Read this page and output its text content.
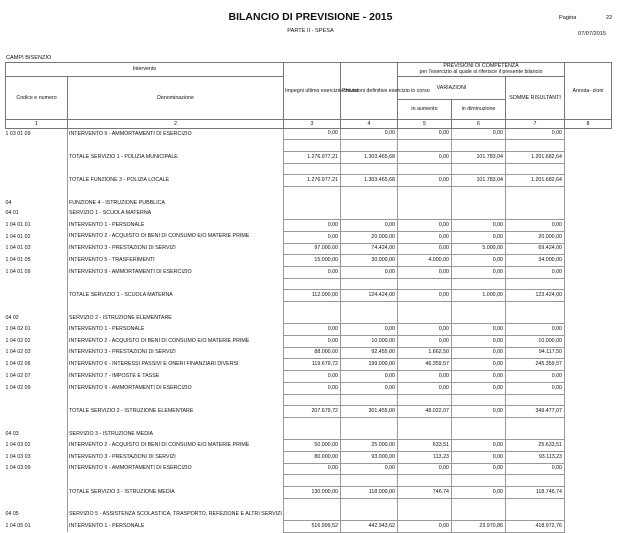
BILANCIO DI PREVISIONE - 2015
PARTE II - SPESA
Pagina	22
07/07/2015
CAMPI BISENZIO
Intervento		Impegni ultimo esercizio chiuso	Previsioni definitive esercizio in corso	PREVISIONI DI COMPETENZA
per l'esercizio al quale si riferisce il presente bilancio			Annota- zioni
Codice e numero	Denominazione			VARIAZIONI		SOMME RISULTANTI	
				in aumento	in diminuzione		
1	2	3	4	5	6	7	8
1 03 01 09	INTERVENTO 9 - AMMORTAMENTI DI ESERCIZIO	0,00	0,00	0,00	0,00	0,00	

	TOTALE SERVIZIO 1 - POLIZIA MUNICIPALE	1.276.977,21	1.303.465,68	0,00	101.783,04	1.201.682,64	

	TOTALE FUNZIONE 3 - POLIZIA LOCALE	1.276.977,21	1.303.465,68	0,00	101.783,04	1.201.682,64	

04	FUNZIONE 4 - ISTRUZIONE PUBBLICA						
04 01	SERVIZIO 1 - SCUOLA MATERNA						
1 04 01 01	INTERVENTO 1 - PERSONALE	0,00	0,00	0,00	0,00	0,00	
1 04 01 02	INTERVENTO 2 - ACQUISTO DI BENI DI CONSUMO E/O MATERIE PRIME	0,00	20.000,00	0,00	0,00	20.000,00	
1 04 01 03	INTERVENTO 3 - PRESTAZIONI DI SERVIZI	97.000,00	74.424,00	0,00	5.000,00	69.424,00	
1 04 01 05	INTERVENTO 5 - TRASFERIMENTI	15.000,00	30.000,00	4.000,00	0,00	34.000,00	
1 04 01 09	INTERVENTO 9 - AMMORTAMENTI DI ESERCIZIO	0,00	0,00	0,00	0,00	0,00	

	TOTALE SERVIZIO 1 - SCUOLA MATERNA	112.000,00	124.424,00	0,00	1.000,00	123.424,00	

04 02	SERVIZIO 2 - ISTRUZIONE ELEMENTARE						
1 04 02 01	INTERVENTO 1 - PERSONALE	0,00	0,00	0,00	0,00	0,00	
1 04 02 02	INTERVENTO 2 - ACQUISTO DI BENI DI CONSUMO E/O MATERIE PRIME	0,00	10.000,00	0,00	0,00	10.000,00	
1 04 02 03	INTERVENTO 3 - PRESTAZIONI DI SERVIZI	88.000,00	92.455,00	1.662,50	0,00	94.117,50	
1 04 02 06	INTERVENTO 6 - INTERESSI PASSIVI E ONERI FINANZIARI DIVERSI	119.679,72	199.000,00	46.359,57	0,00	245.359,57	
1 04 02 07	INTERVENTO 7 - IMPOSTE E TASSE	0,00	0,00	0,00	0,00	0,00	
1 04 02 09	INTERVENTO 9 - AMMORTAMENTI DI ESERCIZIO	0,00	0,00	0,00	0,00	0,00	

	TOTALE SERVIZIO 2 - ISTRUZIONE ELEMENTARE	207.679,72	301.455,00	48.022,07	0,00	349.477,07	

04 03	SERVIZIO 3 - ISTRUZIONE MEDIA						
1 04 03 02	INTERVENTO 2 - ACQUISTO DI BENI DI CONSUMO E/O MATERIE PRIME	50.000,00	25.000,00	633,51	0,00	25.633,51	
1 04 03 03	INTERVENTO 3 - PRESTAZIONI DI SERVIZI	80.000,00	93.000,00	113,23	0,00	93.113,23	
1 04 03 09	INTERVENTO 9 - AMMORTAMENTI DI ESERCIZIO	0,00	0,00	0,00	0,00	0,00	

	TOTALE SERVIZIO 3 - ISTRUZIONE MEDIA	130.000,00	118.000,00	746,74	0,00	118.746,74	

04 05	SERVIZIO 5 - ASSISTENZA SCOLASTICA, TRASPORTO, REFEZIONE E ALTRI SERVIZI						
1 04 05 01	INTERVENTO 1 - PERSONALE	516.999,52	442.943,62	0,00	23.970,86	418.972,76	
